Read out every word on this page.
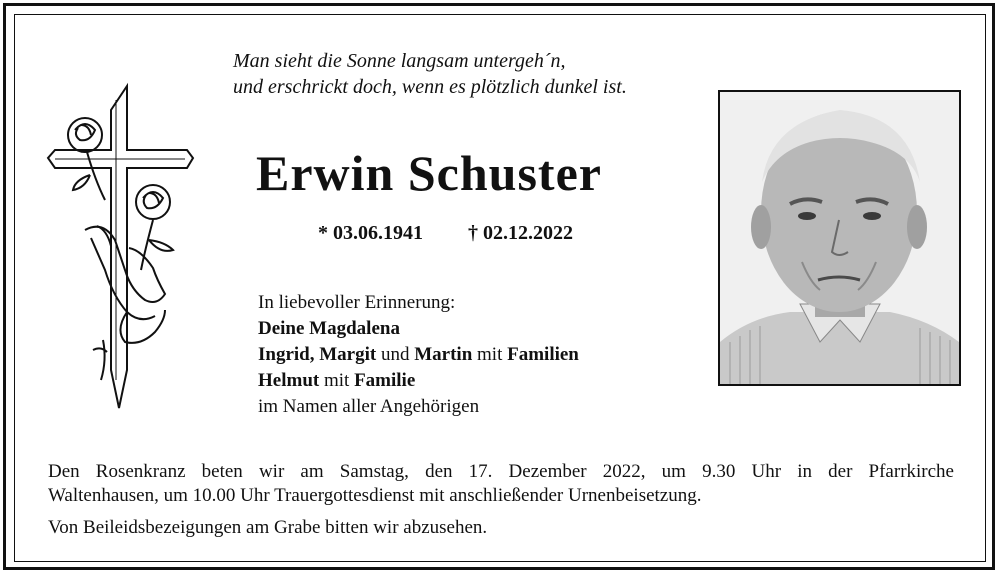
Man sieht die Sonne langsam untergeh´n,
und erschrickt doch, wenn es plötzlich dunkel ist.
Erwin Schuster
* 03.06.1941 † 02.12.2022
In liebevoller Erinnerung:
Deine Magdalena
Ingrid, Margit und Martin mit Familien
Helmut mit Familie
im Namen aller Angehörigen
Den Rosenkranz beten wir am Samstag, den 17. Dezember 2022, um 9.30 Uhr in der Pfarrkirche
Waltenhausen, um 10.00 Uhr Trauergottesdienst mit anschließender Urnenbeisetzung.
Von Beileidsbezeigungen am Grabe bitten wir abzusehen.
